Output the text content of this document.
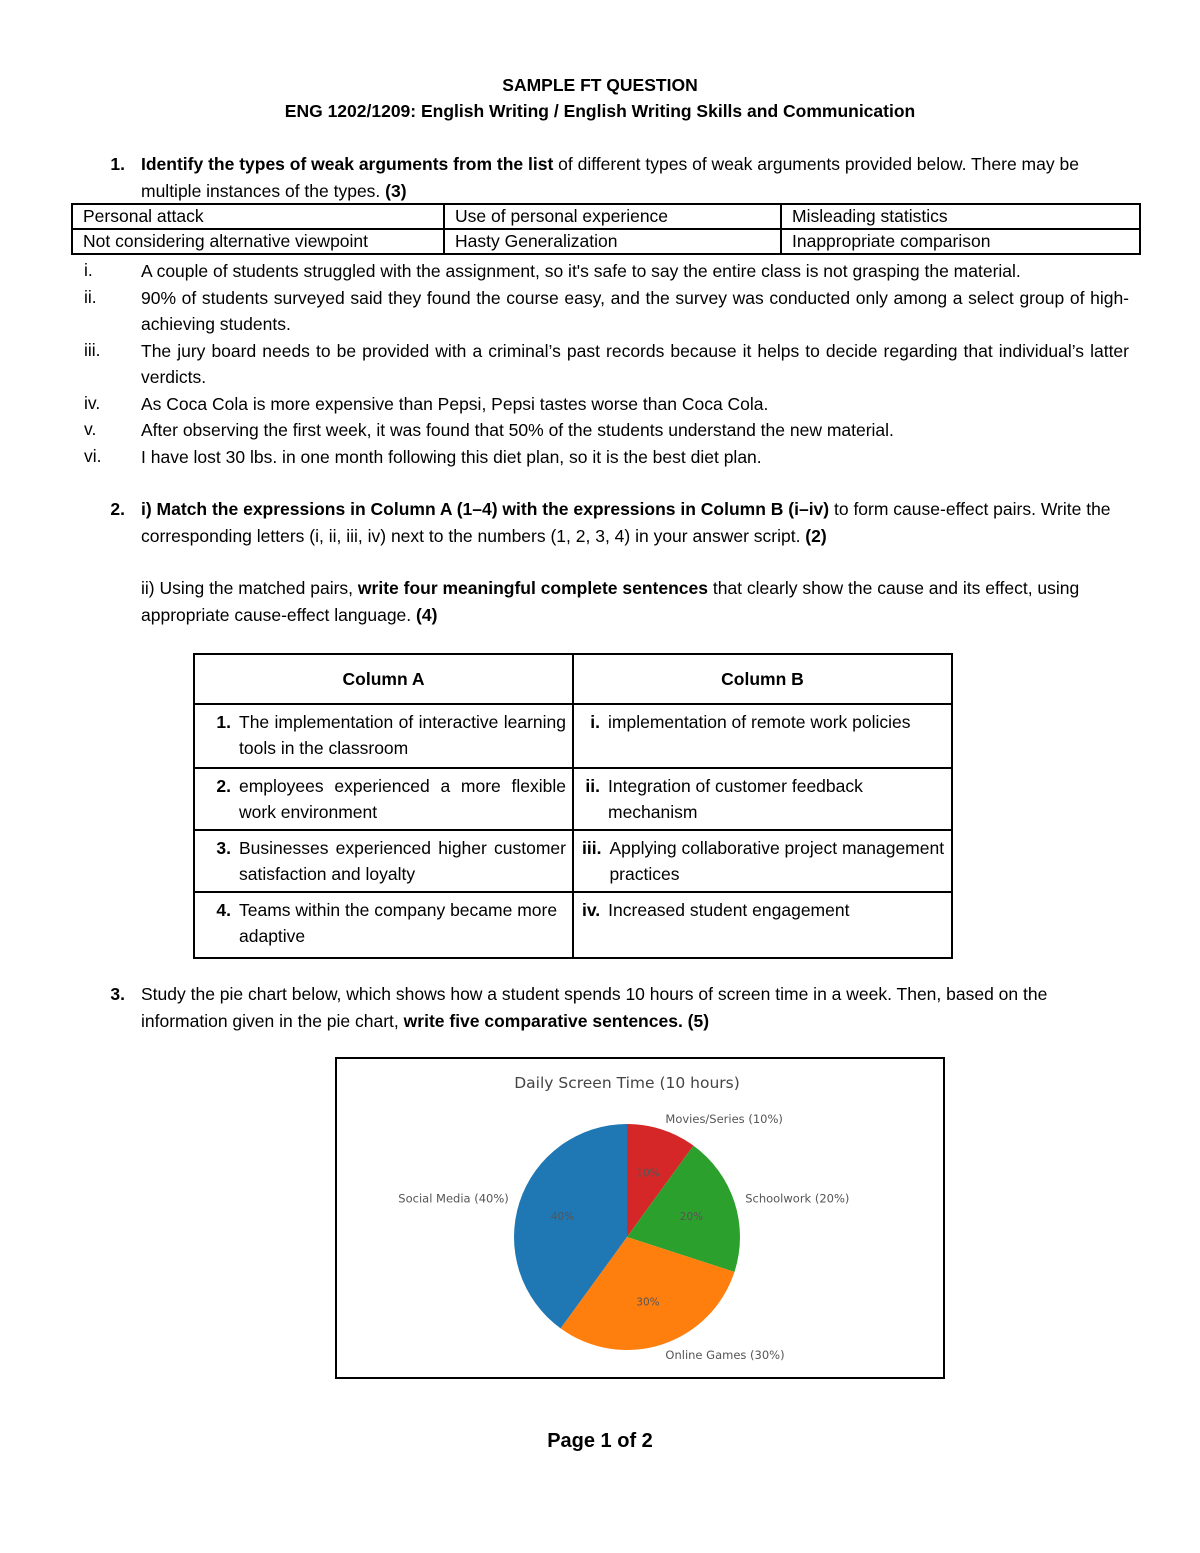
SAMPLE FT QUESTION
ENG 1202/1209: English Writing / English Writing Skills and Communication
1. Identify the types of weak arguments from the list of different types of weak arguments provided below. There may be multiple instances of the types. (3)
Personal attack	Use of personal experience	Misleading statistics
Not considering alternative viewpoint	Hasty Generalization	Inappropriate comparison
i.	A couple of students struggled with the assignment, so it's safe to say the entire class is not grasping the material.
ii.	90% of students surveyed said they found the course easy, and the survey was conducted only among a select group of high-achieving students.
iii.	The jury board needs to be provided with a criminal’s past records because it helps to decide regarding that individual’s latter verdicts.
iv.	As Coca Cola is more expensive than Pepsi, Pepsi tastes worse than Coca Cola.
v.	After observing the first week, it was found that 50% of the students understand the new material.
vi.	I have lost 30 lbs. in one month following this diet plan, so it is the best diet plan.
2. i) Match the expressions in Column A (1–4) with the expressions in Column B (i–iv) to form cause-effect pairs. Write the corresponding letters (i, ii, iii, iv) next to the numbers (1, 2, 3, 4) in your answer script. (2)
ii) Using the matched pairs, write four meaningful complete sentences that clearly show the cause and its effect, using appropriate cause-effect language. (4)
Column A	Column B

1. The implementation of interactive learning tools in the classroom	i. implementation of remote work policies

2. employees experienced a more flexible work environment	ii. Integration of customer feedback mechanism

3. Businesses experienced higher customer satisfaction and loyalty	iii. Applying collaborative project management practices

4. Teams within the company became more adaptive	iv. Increased student engagement
3. Study the pie chart below, which shows how a student spends 10 hours of screen time in a week. Then, based on the information given in the pie chart, write five comparative sentences. (5)
Daily Screen Time (10 hours)
10%
Movies/Series (10%)
20%
Schoolwork (20%)
30%
Online Games (30%)
40%
Social Media (40%)
Page 1 of 2
